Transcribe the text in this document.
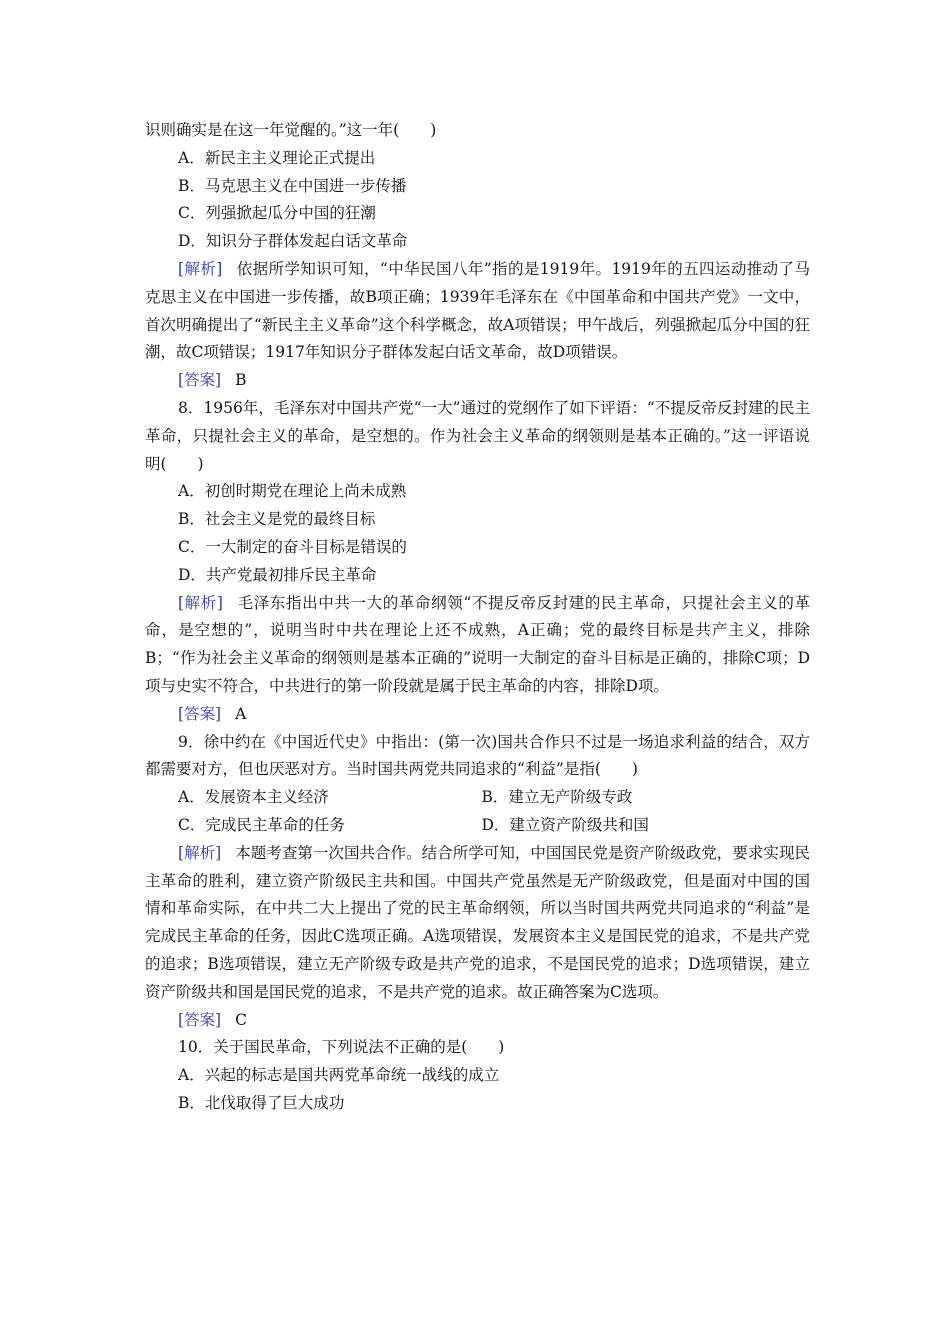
识则确实是在这一年觉醒的。”这一年(　　)
A．新民主主义理论正式提出
B．马克思主义在中国进一步传播
C．列强掀起瓜分中国的狂潮
D．知识分子群体发起白话文革命

[解析] 依据所学知识可知，“中华民国八年”指的是1919年。1919年的五四运动推动了马克思主义在中国进一步传播，故B项正确；1939年毛泽东在《中国革命和中国共产党》一文中，首次明确提出了“新民主主义革命”这个科学概念，故A项错误；甲午战后，列强掀起瓜分中国的狂潮，故C项错误；1917年知识分子群体发起白话文革命，故D项错误。

[答案] B

8．1956年，毛泽东对中国共产党“一大”通过的党纲作了如下评语：“不提反帝反封建的民主革命，只提社会主义的革命，是空想的。作为社会主义革命的纲领则是基本正确的。”这一评语说明(　　)

A．初创时期党在理论上尚未成熟
B．社会主义是党的最终目标
C．一大制定的奋斗目标是错误的
D．共产党最初排斥民主革命

[解析] 毛泽东指出中共一大的革命纲领“不提反帝反封建的民主革命，只提社会主义的革命，是空想的”，说明当时中共在理论上还不成熟，A正确；党的最终目标是共产主义，排除B；“作为社会主义革命的纲领则是基本正确的”说明一大制定的奋斗目标是正确的，排除C项；D项与史实不符合，中共进行的第一阶段就是属于民主革命的内容，排除D项。

[答案] A

9．徐中约在《中国近代史》中指出：(第一次)国共合作只不过是一场追求利益的结合，双方都需要对方，但也厌恶对方。当时国共两党共同追求的“利益”是指(　　)

A．发展资本主义经济	B．建立无产阶级专政
C．完成民主革命的任务	D．建立资产阶级共和国

[解析] 本题考查第一次国共合作。结合所学可知，中国国民党是资产阶级政党，要求实现民主革命的胜利，建立资产阶级民主共和国。中国共产党虽然是无产阶级政党，但是面对中国的国情和革命实际，在中共二大上提出了党的民主革命纲领，所以当时国共两党共同追求的“利益”是完成民主革命的任务，因此C选项正确。A选项错误，发展资本主义是国民党的追求，不是共产党的追求；B选项错误，建立无产阶级专政是共产党的追求，不是国民党的追求；D选项错误，建立资产阶级共和国是国民党的追求，不是共产党的追求。故正确答案为C选项。

[答案] C
10．关于国民革命，下列说法不正确的是(　　)
A．兴起的标志是国共两党革命统一战线的成立
B．北伐取得了巨大成功
